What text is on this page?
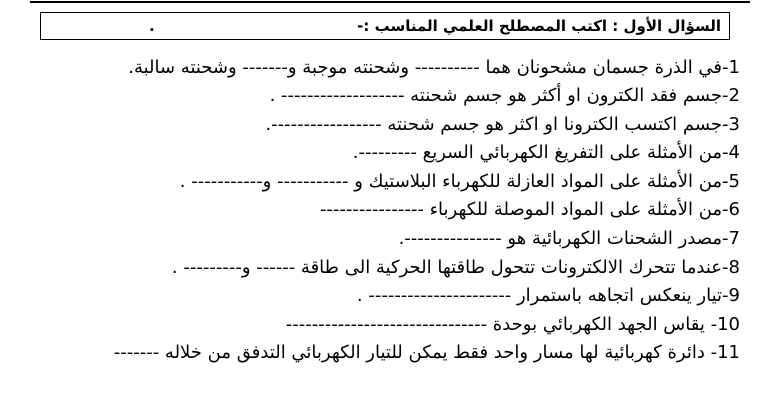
السؤال الأول : اكتب المصطلح العلمي المناسب :-
.
1-في الذرة جسمان مشحونان هما ---------- وشحنته موجبة و------- وشحنته سالبة.
2-جسم فقد الكترون او أكثر هو جسم شحنته ------------------- .
3-جسم اكتسب الكترونا او اكثر هو جسم شحنته -----------------.
4-من الأمثلة على التفريغ الكهربائي السريع ---------.
5-من الأمثلة على المواد العازلة للكهرباء البلاستيك و ----------- و----------- .
6-من الأمثلة على المواد الموصلة للكهرباء ----------------
7-مصدر الشحنات الكهربائية هو ---------------.
8-عندما تتحرك الالكترونات تتحول طاقتها الحركية الى طاقة ------ و--------- .
9-تيار ينعكس اتجاهه باستمرار ---------------------- .
10- يقاس الجهد الكهربائي بوحدة -------------------------------
11- دائرة كهربائية لها مسار واحد فقط يمكن للتيار الكهربائي التدفق من خلاله -------
